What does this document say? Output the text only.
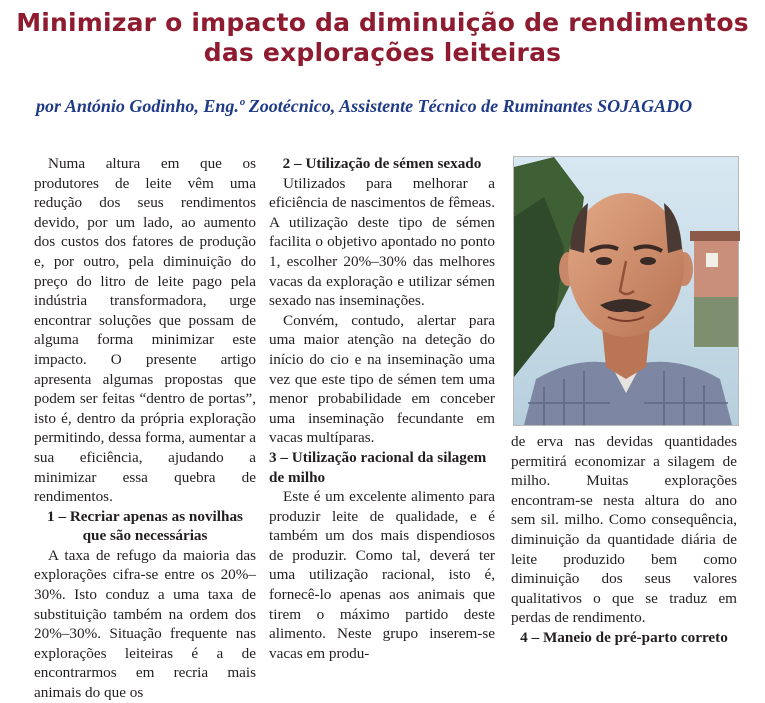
Minimizar o impacto da diminuição de rendimentos
das explorações leiteiras
por António Godinho, Eng.º Zootécnico, Assistente Técnico de Ruminantes SOJAGADO

Numa altura em que os produtores de leite vêm uma redução dos seus rendimentos devido, por um lado, ao aumento dos custos dos fatores de produção e, por outro, pela diminuição do preço do litro de leite pago pela indústria transformadora, urge encontrar soluções que possam de alguma forma minimizar este impacto. O presente artigo apresenta algumas propostas que podem ser feitas “dentro de portas”, isto é, dentro da própria exploração permitindo, dessa forma, aumentar a sua eficiência, ajudando a minimizar essa quebra de rendimentos.

1 – Recriar apenas as novilhas que são necessárias

A taxa de refugo da maioria das explorações cifra-se entre os 20%–30%. Isto conduz a uma taxa de substituição também na ordem dos 20%–30%. Situação frequente nas explorações leiteiras é a de encontrarmos em recria mais animais do que os

2 – Utilização de sémen sexado

Utilizados para melhorar a eficiência de nascimentos de fêmeas. A utilização deste tipo de sémen facilita o objetivo apontado no ponto 1, escolher 20%–30% das melhores vacas da exploração e utilizar sémen sexado nas inseminações.

Convém, contudo, alertar para uma maior atenção na deteção do início do cio e na inseminação uma vez que este tipo de sémen tem uma menor probabilidade em conceber uma inseminação fecundante em vacas multíparas.

3 – Utilização racional da silagem de milho

Este é um excelente alimento para produzir leite de qualidade, e é também um dos mais dispendiosos de produzir. Como tal, deverá ter uma utilização racional, isto é, fornecê-lo apenas aos animais que tirem o máximo partido deste alimento. Neste grupo inserem-se vacas em produ-

de erva nas devidas quantidades permitirá economizar a silagem de milho. Muitas explorações encontram-se nesta altura do ano sem sil. milho. Como consequência, diminuição da quantidade diária de leite produzido bem como diminuição dos seus valores qualitativos o que se traduz em perdas de rendimento.

4 – Maneio de pré-parto correto
